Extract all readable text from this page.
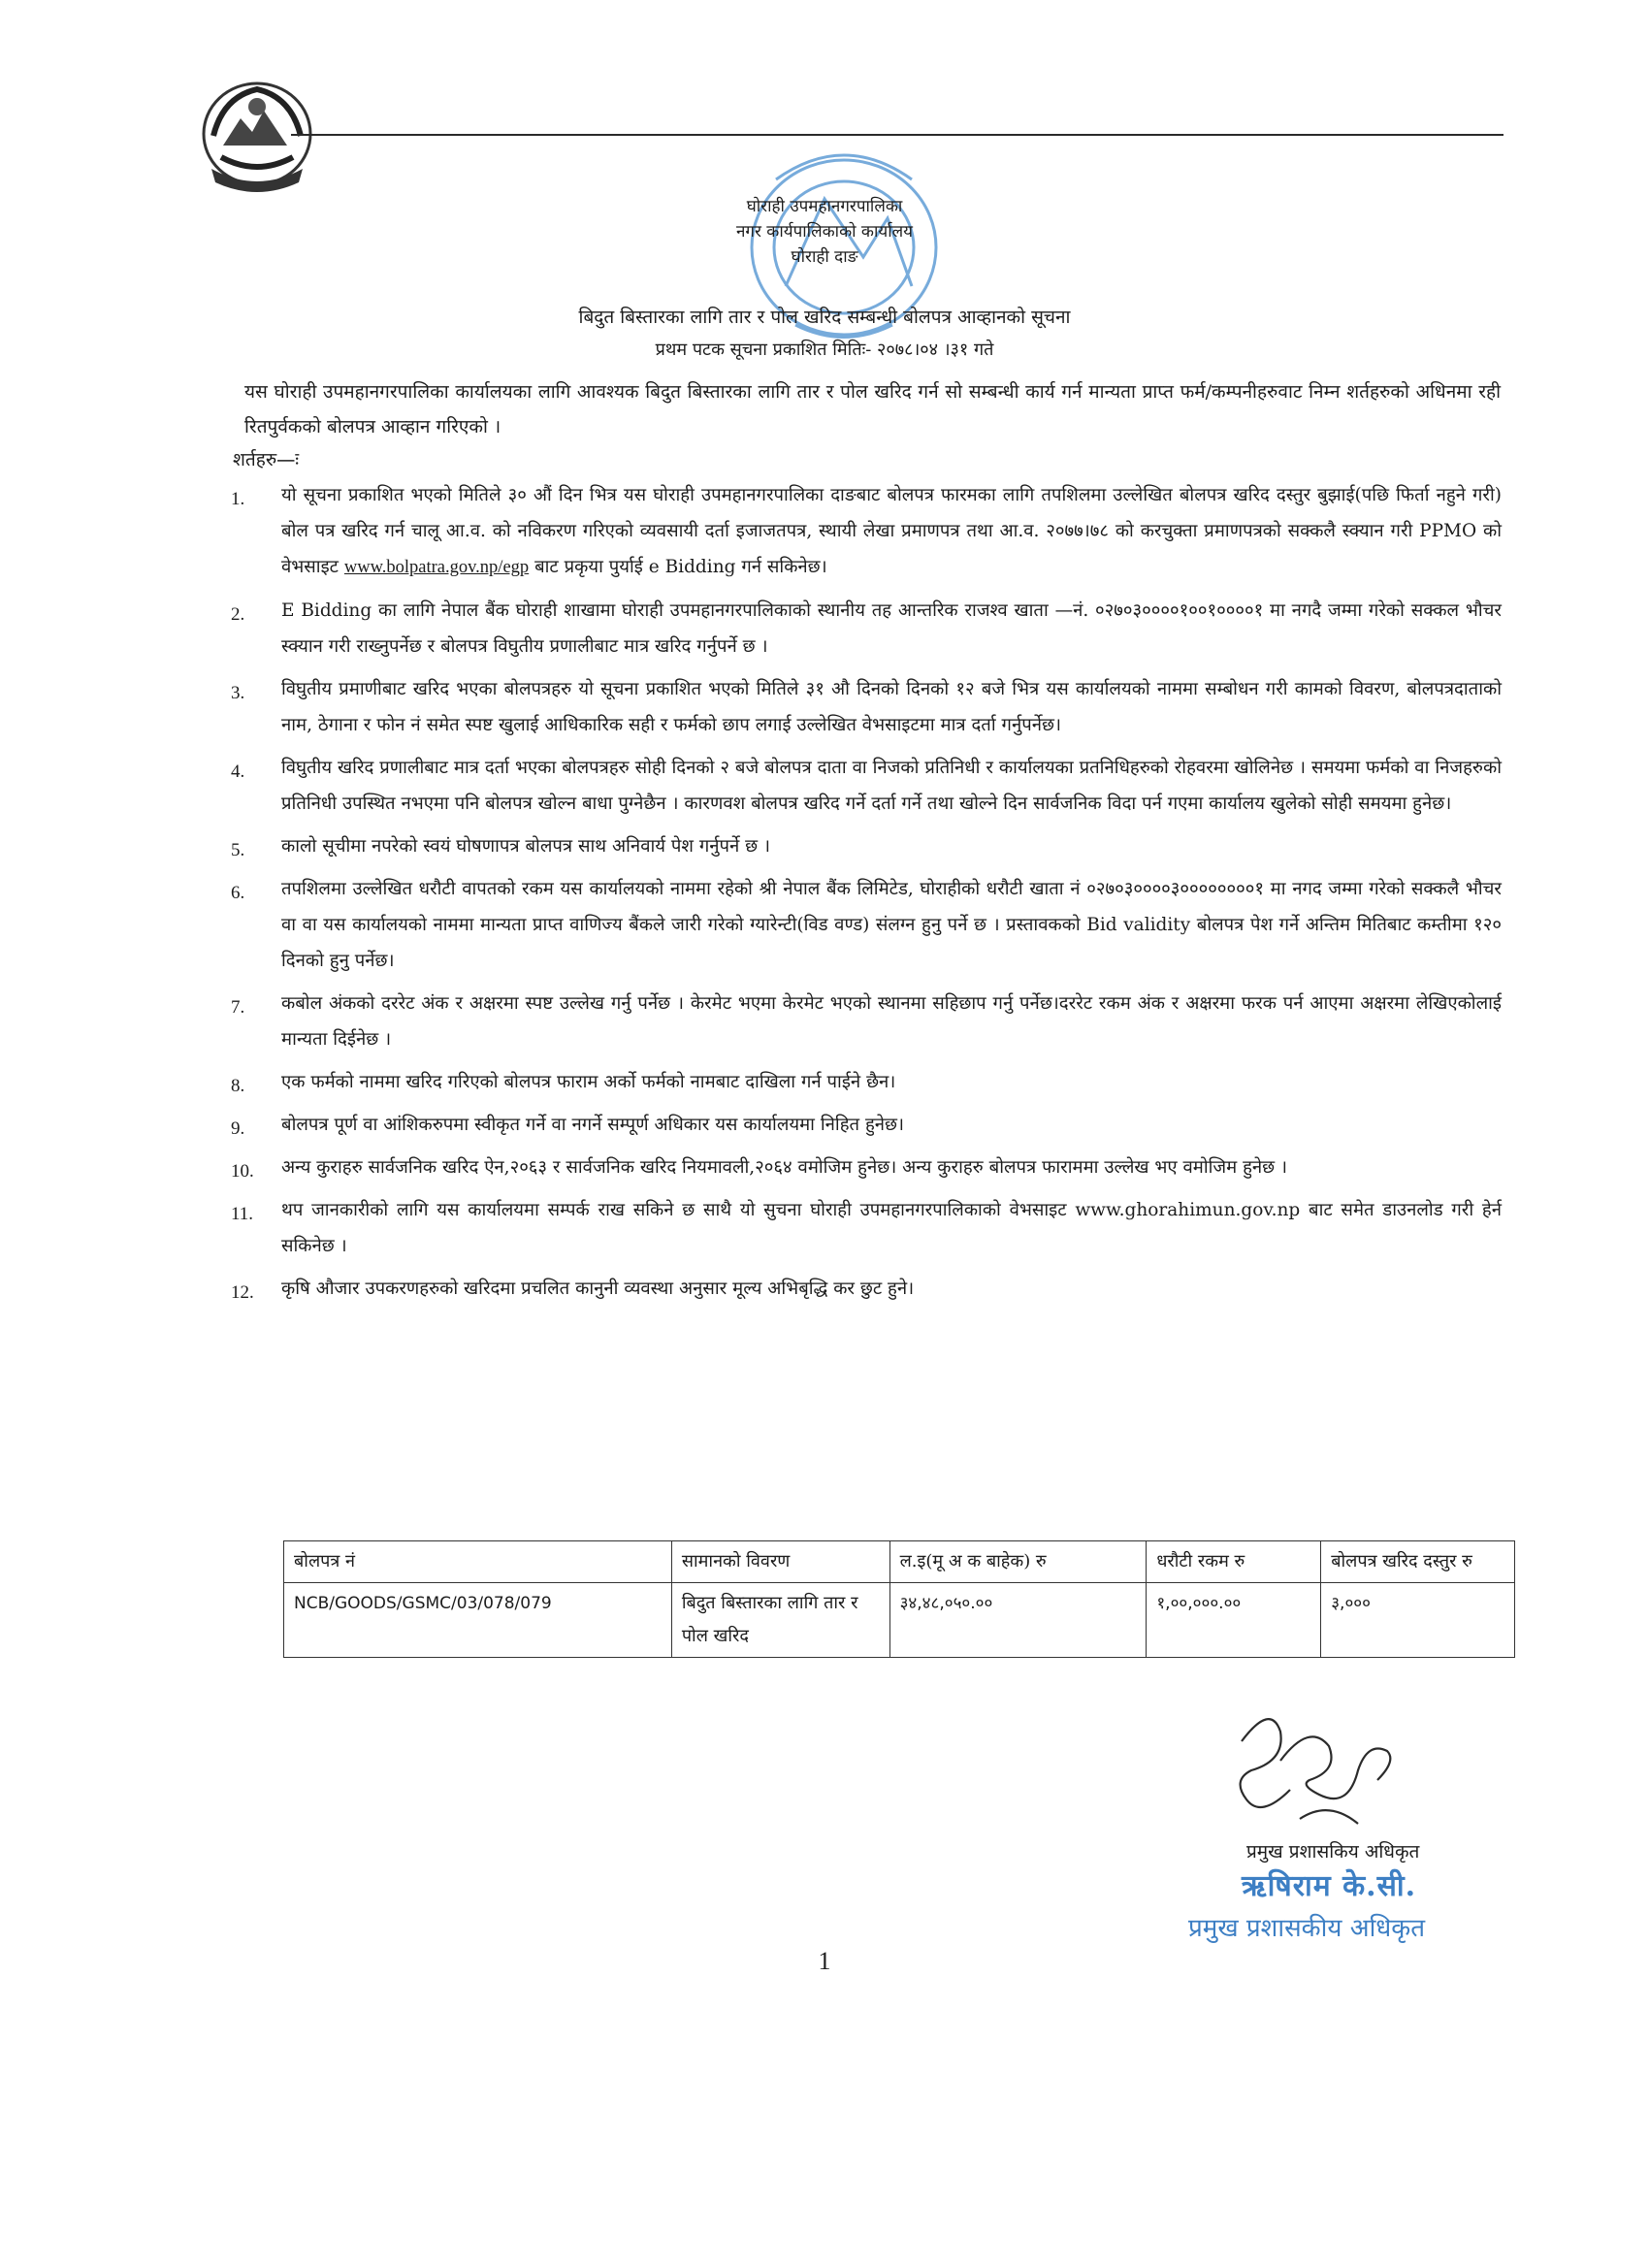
घोराही उपमहानगरपालिका
नगर कार्यपालिकाको कार्यालय
घोराही दाङ
बिदुत बिस्तारका लागि तार र पोल खरिद सम्बन्धी बोलपत्र आव्हानको सूचना
प्रथम पटक सूचना प्रकाशित मितिः- २०७८।०४ ।३१ गते
यस घोराही उपमहानगरपालिका कार्यालयका लागि आवश्यक बिदुत बिस्तारका लागि तार र पोल खरिद गर्न सो सम्बन्धी कार्य गर्न मान्यता प्राप्त फर्म/कम्पनीहरुवाट निम्न शर्तहरुको अधिनमा रही रितपुर्वकको बोलपत्र आव्हान गरिएको ।
शर्तहरु—ः
1. यो सूचना प्रकाशित भएको मितिले ३० औं दिन भित्र यस घोराही उपमहानगरपालिका दाङबाट बोलपत्र फारमका लागि तपशिलमा उल्लेखित बोलपत्र खरिद दस्तुर बुझाई(पछि फिर्ता नहुने गरी) बोल पत्र खरिद गर्न चालू आ.व. को नविकरण गरिएको व्यवसायी दर्ता इजाजतपत्र, स्थायी लेखा प्रमाणपत्र तथा आ.व. २०७७।७८ को करचुक्ता प्रमाणपत्रको सक्कलै स्क्यान गरी PPMO को वेभसाइट www.bolpatra.gov.np/egp बाट प्रकृया पुर्याई e Bidding गर्न सकिनेछ।
2. E Bidding का लागि नेपाल बैंक घोराही शाखामा घोराही उपमहानगरपालिकाको स्थानीय तह आन्तरिक राजश्व खाता —नं. ०२७०३००००१००१००००१ मा नगदै जम्मा गरेको सक्कल भौचर स्क्यान गरी राख्नुपर्नेछ र बोलपत्र विघुतीय प्रणालीबाट मात्र खरिद गर्नुपर्ने छ ।
3. विघुतीय प्रमाणीबाट खरिद भएका बोलपत्रहरु यो सूचना प्रकाशित भएको मितिले ३१ औ दिनको दिनको १२ बजे भित्र यस कार्यालयको नाममा सम्बोधन गरी कामको विवरण, बोलपत्रदाताको नाम, ठेगाना र फोन नं समेत स्पष्ट खुलाई आधिकारिक सही र फर्मको छाप लगाई उल्लेखित वेभसाइटमा मात्र दर्ता गर्नुपर्नेछ।
4. विघुतीय खरिद प्रणालीबाट मात्र दर्ता भएका बोलपत्रहरु सोही दिनको २ बजे बोलपत्र दाता वा निजको प्रतिनिधी र कार्यालयका प्रतनिधिहरुको रोहवरमा खोलिनेछ । समयमा फर्मको वा निजहरुको प्रतिनिधी उपस्थित नभएमा पनि बोलपत्र खोल्न बाधा पुग्नेछैन । कारणवश बोलपत्र खरिद गर्ने दर्ता गर्ने तथा खोल्ने दिन सार्वजनिक विदा पर्न गएमा कार्यालय खुलेको सोही समयमा हुनेछ।
5. कालो सूचीमा नपरेको स्वयं घोषणापत्र बोलपत्र साथ अनिवार्य पेश गर्नुपर्ने छ ।
6. तपशिलमा उल्लेखित धरौटी वापतको रकम यस कार्यालयको नाममा रहेको श्री नेपाल बैंक लिमिटेड, घोराहीको धरौटी खाता नं ०२७०३००००३००००००००१ मा नगद जम्मा गरेको सक्कलै भौचर वा वा यस कार्यालयको नाममा मान्यता प्राप्त वाणिज्य बैंकले जारी गरेको ग्यारेन्टी(विड वण्ड) संलग्न हुनु पर्ने छ । प्रस्तावकको Bid validity बोलपत्र पेश गर्ने अन्तिम मितिबाट कम्तीमा १२० दिनको हुनु पर्नेछ।
7. कबोल अंकको दररेट अंक र अक्षरमा स्पष्ट उल्लेख गर्नु पर्नेछ । केरमेट भएमा केरमेट भएको स्थानमा सहिछाप गर्नु पर्नेछ।दररेट रकम अंक र अक्षरमा फरक पर्न आएमा अक्षरमा लेखिएकोलाई मान्यता दिईनेछ ।
8. एक फर्मको नाममा खरिद गरिएको बोलपत्र फाराम अर्को फर्मको नामबाट दाखिला गर्न पाईने छैन।
9. बोलपत्र पूर्ण वा आंशिकरुपमा स्वीकृत गर्ने वा नगर्ने सम्पूर्ण अधिकार यस कार्यालयमा निहित हुनेछ।
10. अन्य कुराहरु सार्वजनिक खरिद ऐन,२०६३ र सार्वजनिक खरिद नियमावली,२०६४ वमोजिम हुनेछ। अन्य कुराहरु बोलपत्र फाराममा उल्लेख भए वमोजिम हुनेछ ।
11. थप जानकारीको लागि यस कार्यालयमा सम्पर्क राख सकिने छ साथै यो सुचना घोराही उपमहानगरपालिकाको वेभसाइट www.ghorahimun.gov.np बाट समेत डाउनलोड गरी हेर्न सकिनेछ ।
12. कृषि औजार उपकरणहरुको खरिदमा प्रचलित कानुनी व्यवस्था अनुसार मूल्य अभिबृद्धि कर छुट हुने।
बोलपत्र नं	सामानको विवरण	ल.इ(मू अ क बाहेक) रु	धरौटी रकम रु	बोलपत्र खरिद दस्तुर रु
NCB/GOODS/GSMC/03/078/079	बिदुत बिस्तारका लागि तार र पोल खरिद	३४,४८,०५०.००	१,००,०००.००	३,०००
प्रमुख प्रशासकिय अधिकृत
ऋषिराम के.सी.
प्रमुख प्रशासकीय अधिकृत
1
